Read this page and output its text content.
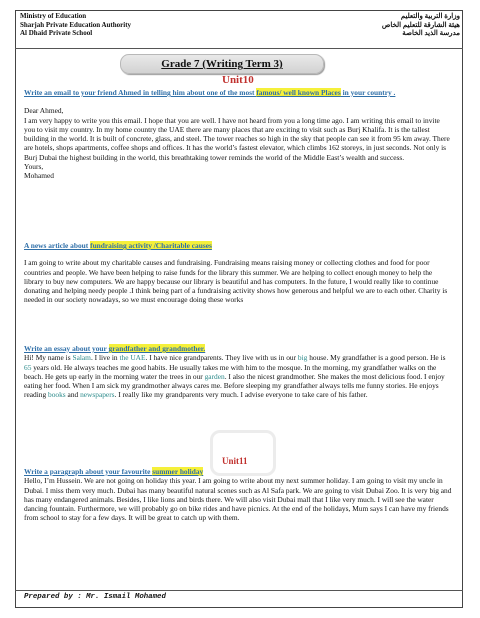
Ministry of Education
Sharjah Private Education Authority
Al Dhaid Private School
وزارة التربية والتعليم
هيئة الشارقة للتعليم الخاص
مدرسة الذيد الخاصة
Grade 7 (Writing Term 3)
Unit10

Write an email to your friend Ahmed in telling him about one of the most famous/ well known Places in your country .

Dear Ahmed,

I am very happy to write you this email. I hope that you are well. I have not heard from you a long time ago. I am writing this email to invite you to visit my country. In my home country the UAE there are many places that are exciting to visit such as Burj Khalifa. It is the tallest building in the world. It is built of concrete, glass, and steel. The tower reaches so high in the sky that people can see it from 95 km away. There are hotels, shops apartments, coffee shops and offices. It has the world’s fastest elevator, which climbs 162 storeys, in just seconds. Not only is Burj Dubai the highest building in the world, this breathtaking tower reminds the world of the Middle East’s wealth and success.

Yours,

Mohamed

A news article about fundraising activity /Charitable causes

I am going to write about my charitable causes and fundraising. Fundraising means raising money or collecting clothes and food for poor countries and people. We have been helping to raise funds for the library this summer. We are helping to collect enough money to help the library to buy new computers. We are happy because our library is beautiful and has computers. In the future, I would really like to continue donating and helping needy people .I think being part of a fundraising activity shows how generous and helpful we are to each other. Charity is needed in our society nowadays, so we must encourage doing these works

Write an essay about your grandfather and grandmother.

Hi! My name is Salam. I live in the UAE. I have nice grandparents. They live with us in our big house. My grandfather is a good person. He is 65 years old. He always teaches me good habits. He usually takes me with him to the mosque. In the morning, my grandfather walks on the beach. He gets up early in the morning water the trees in our garden. I also the nicest grandmother. She makes the most delicious food. I enjoy eating her food. When I am sick my grandmother always cares me. Before sleeping my grandfather always tells me funny stories. He enjoys reading books and newspapers. I really like my grandparents very much. I advise everyone to take care of his father.

Unit11

Write a paragraph about your favourite summer holiday

Hello, I’m Hussein. We are not going on holiday this year. I am going to write about my next summer holiday. I am going to visit my uncle in Dubai. I miss them very much. Dubai has many beautiful natural scenes such as Al Safa park. We are going to visit Dubai Zoo. It is very big and has many endangered animals. Besides, I like lions and birds there. We will also visit Dubai mall that I like very much. I will see the water dancing fountain. Furthermore, we will probably go on bike rides and have picnics. At the end of the holidays, Mum says I can have my friends from school to stay for a few days. It will be great to catch up with them.

Prepared by : Mr. Ismail Mohamed
